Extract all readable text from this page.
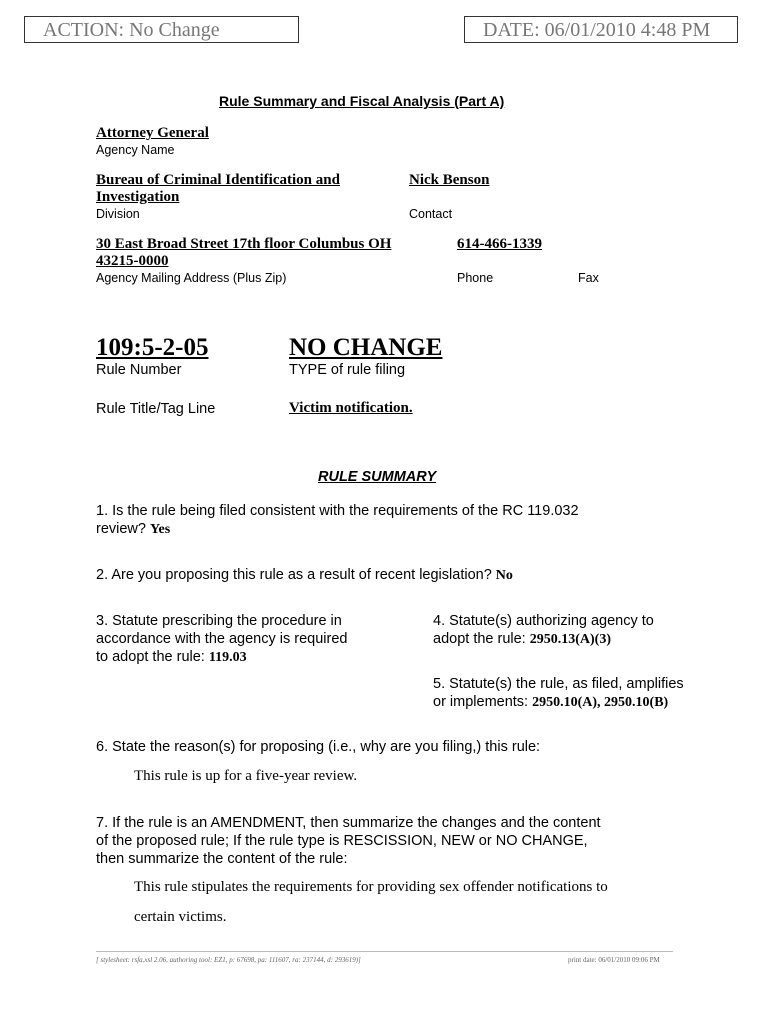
ACTION: No Change	DATE: 06/01/2010 4:48 PM
Rule Summary and Fiscal Analysis (Part A)
Attorney General
Agency Name
Bureau of Criminal Identification and
Investigation
Division
Nick Benson
Contact
30 East Broad Street 17th floor Columbus OH
43215-0000
Agency Mailing Address (Plus Zip)
614-466-1339
Phone	Fax
109:5-2-05
Rule Number
NO CHANGE
TYPE of rule filing
Rule Title/Tag Line	Victim notification.
RULE SUMMARY
1. Is the rule being filed consistent with the requirements of the RC 119.032
review? Yes
2. Are you proposing this rule as a result of recent legislation? No
3. Statute prescribing the procedure in
accordance with the agency is required
to adopt the rule: 119.03
4. Statute(s) authorizing agency to
adopt the rule: 2950.13(A)(3)
5. Statute(s) the rule, as filed, amplifies
or implements: 2950.10(A), 2950.10(B)
6. State the reason(s) for proposing (i.e., why are you filing,) this rule:
This rule is up for a five-year review.
7. If the rule is an AMENDMENT, then summarize the changes and the content
of the proposed rule; If the rule type is RESCISSION, NEW or NO CHANGE,
then summarize the content of the rule:
This rule stipulates the requirements for providing sex offender notifications to
certain victims.
[ stylesheet: rsfa.xsl 2.06, authoring tool: EZ1, p: 67698, pa: 111607, ra: 237144, d: 293619)]	print date: 06/01/2010 09:06 PM
